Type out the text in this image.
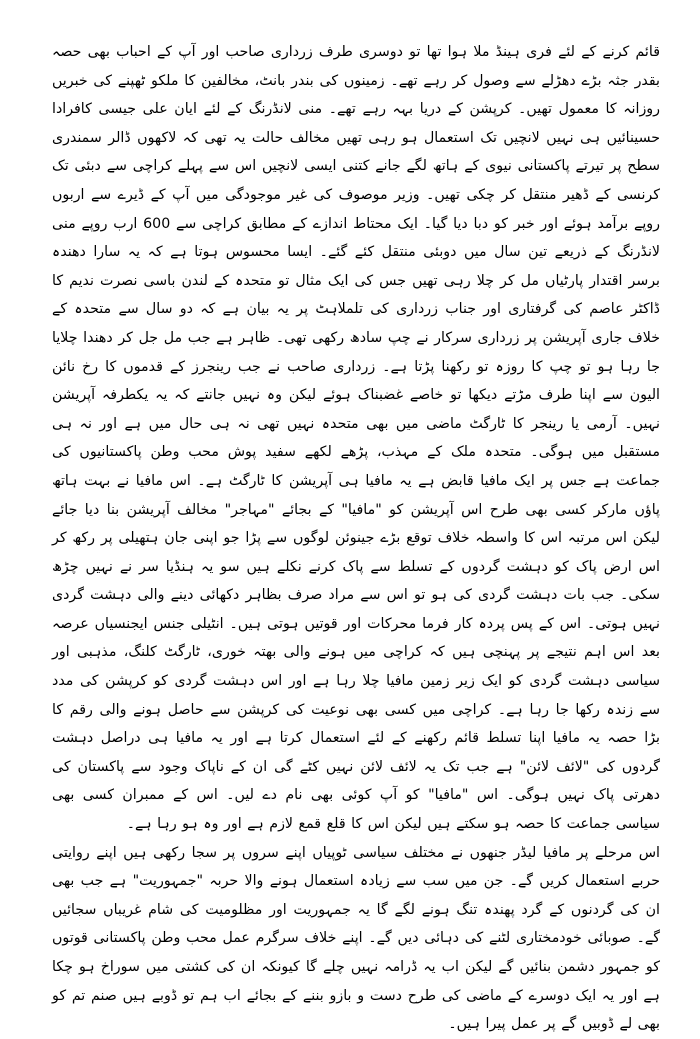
قائم کرنے کے لئے فری ہینڈ ملا ہوا تھا تو دوسری طرف زرداری صاحب اور آپ کے احباب بھی حصہ بقدر جثہ بڑے دھڑلے سے وصول کر رہے تھے۔ زمینوں کی بندر بانٹ، مخالفین کا ملکو ٹھپنے کی خبریں روزانہ کا معمول تھیں۔ کرپشن کے دریا بہہ رہے تھے۔ منی لانڈرنگ کے لئے ایان علی جیسی کافرادا حسینائیں ہی نہیں لانچیں تک استعمال ہو رہی تھیں مخالف حالت یہ تھی کہ لاکھوں ڈالر سمندری سطح پر تیرتے پاکستانی نیوی کے ہاتھ لگے جانے کتنی ایسی لانچیں اس سے پہلے کراچی سے دبئی تک کرنسی کے ڈھیر منتقل کر چکی تھیں۔ وزیر موصوف کی غیر موجودگی میں آپ کے ڈیرے سے اربوں روپے برآمد ہوئے اور خبر کو دبا دیا گیا۔ ایک محتاط اندازے کے مطابق کراچی سے 600 ارب روپے منی لانڈرنگ کے ذریعے تین سال میں دوبئی منتقل کئے گئے۔ ایسا محسوس ہوتا ہے کہ یہ سارا دھندہ برسر اقتدار پارٹیاں مل کر چلا رہی تھیں جس کی ایک مثال تو متحدہ کے لندن باسی نصرت ندیم کا ڈاکٹر عاصم کی گرفتاری اور جناب زرداری کی تلملاہٹ پر یہ بیان ہے کہ دو سال سے متحدہ کے خلاف جاری آپریشن پر زرداری سرکار نے چپ سادھ رکھی تھی۔ ظاہر ہے جب مل جل کر دھندا چلایا جا رہا ہو تو چپ کا روزہ تو رکھنا پڑتا ہے۔ زرداری صاحب نے جب رینجرز کے قدموں کا رخ نائن الیون سے اپنا طرف مڑتے دیکھا تو خاصے غضبناک ہوئے لیکن وہ نہیں جانتے کہ یہ یکطرفہ آپریشن نہیں۔ آرمی یا رینجر کا ٹارگٹ ماضی میں بھی متحدہ نہیں تھی نہ ہی حال میں ہے اور نہ ہی مستقبل میں ہوگی۔ متحدہ ملک کے مہذب، پڑھے لکھے سفید پوش محب وطن پاکستانیوں کی جماعت ہے جس پر ایک مافیا قابض ہے یہ مافیا ہی آپریشن کا ٹارگٹ ہے۔ اس مافیا نے بہت ہاتھ پاؤں مارکر کسی بھی طرح اس آپریشن کو "مافیا" کے بجائے "مہاجر" مخالف آپریشن بنا دیا جائے لیکن اس مرتبہ اس کا واسطہ خلاف توقع بڑے جینوئن لوگوں سے پڑا جو اپنی جان ہتھیلی پر رکھ کر اس ارض پاک کو دہشت گردوں کے تسلط سے پاک کرنے نکلے ہیں سو یہ ہنڈیا سر نے نہیں چڑھ سکی۔ جب بات دہشت گردی کی ہو تو اس سے مراد صرف بظاہر دکھائی دینے والی دہشت گردی نہیں ہوتی۔ اس کے پس پردہ کار فرما محرکات اور قوتیں ہوتی ہیں۔ انٹیلی جنس ایجنسیاں عرصہ بعد اس اہم نتیجے پر پہنچی ہیں کہ کراچی میں ہونے والی بھتہ خوری، ٹارگٹ کلنگ، مذہبی اور سیاسی دہشت گردی کو ایک زیر زمین مافیا چلا رہا ہے اور اس دہشت گردی کو کرپشن کی مدد سے زندہ رکھا جا رہا ہے۔ کراچی میں کسی بھی نوعیت کی کرپشن سے حاصل ہونے والی رقم کا بڑا حصہ یہ مافیا اپنا تسلط قائم رکھنے کے لئے استعمال کرتا ہے اور یہ مافیا ہی دراصل دہشت گردوں کی "لائف لائن" ہے جب تک یہ لائف لائن نہیں کٹے گی ان کے ناپاک وجود سے پاکستان کی دھرتی پاک نہیں ہوگی۔ اس "مافیا" کو آپ کوئی بھی نام دے لیں۔ اس کے ممبران کسی بھی سیاسی جماعت کا حصہ ہو سکتے ہیں لیکن اس کا قلع قمع لازم ہے اور وہ ہو رہا ہے۔

اس مرحلے پر مافیا لیڈر جنھوں نے مختلف سیاسی ٹوپیاں اپنے سروں پر سجا رکھی ہیں اپنے روایتی حربے استعمال کریں گے۔ جن میں سب سے زیادہ استعمال ہونے والا حربہ "جمہوریت" ہے جب بھی ان کی گردنوں کے گرد پھندہ تنگ ہونے لگے گا یہ جمہوریت اور مظلومیت کی شام غریباں سجائیں گے۔ صوبائی خودمختاری لٹنے کی دہائی دیں گے۔ اپنے خلاف سرگرم عمل محب وطن پاکستانی قوتوں کو جمہور دشمن بنائیں گے لیکن اب یہ ڈرامہ نہیں چلے گا کیونکہ ان کی کشتی میں سوراخ ہو چکا ہے اور یہ ایک دوسرے کے ماضی کی طرح دست و بازو بننے کے بجائے اب ہم تو ڈوبے ہیں صنم تم کو بھی لے ڈوبیں گے پر عمل پیرا ہیں۔
